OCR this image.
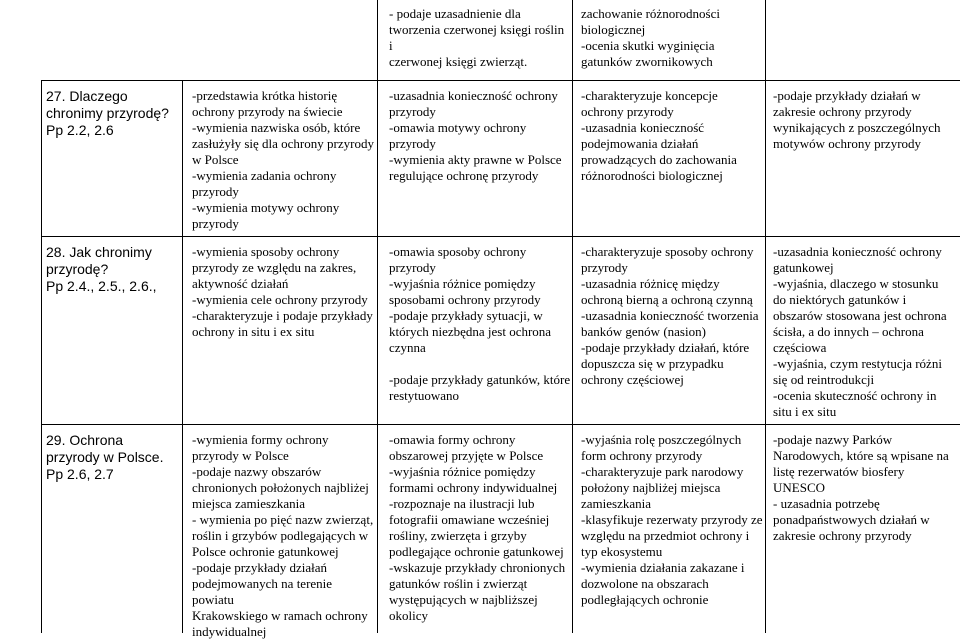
- podaje uzasadnienie dla
tworzenia czerwonej księgi roślin i
czerwonej księgi zwierząt.
zachowanie różnorodności
biologicznej
-ocenia skutki wyginięcia
gatunków zwornikowych
27. Dlaczego
chronimy przyrodę?
Pp 2.2, 2.6
-przedstawia krótka historię
ochrony przyrody na świecie
-wymienia nazwiska osób, które
zasłużyły się dla ochrony przyrody
w Polsce
-wymienia zadania ochrony
przyrody
-wymienia motywy ochrony
przyrody
-uzasadnia konieczność ochrony
przyrody
-omawia motywy ochrony
przyrody
-wymienia akty prawne w Polsce
regulujące ochronę przyrody
-charakteryzuje koncepcje
ochrony przyrody
-uzasadnia konieczność
podejmowania działań
prowadzących do zachowania
różnorodności biologicznej
-podaje przykłady działań w
zakresie ochrony przyrody
wynikających z poszczególnych
motywów ochrony przyrody
28. Jak chronimy
przyrodę?
Pp 2.4., 2.5., 2.6.,
-wymienia sposoby ochrony
przyrody ze względu na zakres,
aktywność działań
-wymienia cele ochrony przyrody
-charakteryzuje i podaje przykłady
ochrony in situ i ex situ
-omawia sposoby ochrony
przyrody
-wyjaśnia różnice pomiędzy
sposobami ochrony przyrody
-podaje przykłady sytuacji, w
których niezbędna jest ochrona
czynna

-podaje przykłady gatunków, które
restytuowano
-charakteryzuje sposoby ochrony
przyrody
-uzasadnia różnicę między
ochroną bierną a ochroną czynną
-uzasadnia konieczność tworzenia
banków genów (nasion)
-podaje przykłady działań, które
dopuszcza się w przypadku
ochrony częściowej
-uzasadnia konieczność ochrony
gatunkowej
-wyjaśnia, dlaczego w stosunku
do niektórych gatunków i
obszarów stosowana jest ochrona
ścisła, a do innych – ochrona
częściowa
-wyjaśnia, czym restytucja różni
się od reintrodukcji
-ocenia skuteczność ochrony in
situ i ex situ
29. Ochrona
przyrody w Polsce.
Pp 2.6, 2.7
-wymienia formy ochrony
przyrody w Polsce
-podaje nazwy obszarów
chronionych położonych najbliżej
miejsca zamieszkania
- wymienia po pięć nazw zwierząt,
roślin i grzybów podlegających w
Polsce ochronie gatunkowej
-podaje przykłady działań
podejmowanych na terenie powiatu
Krakowskiego w ramach ochrony
indywidualnej
-omawia formy ochrony
obszarowej przyjęte w Polsce
-wyjaśnia różnice pomiędzy
formami ochrony indywidualnej
-rozpoznaje na ilustracji lub
fotografii omawiane wcześniej
rośliny, zwierzęta i grzyby
podlegające ochronie gatunkowej
-wskazuje przykłady chronionych
gatunków roślin i zwierząt
występujących w najbliższej
okolicy
-wyjaśnia rolę poszczególnych
form ochrony przyrody
-charakteryzuje park narodowy
położony najbliżej miejsca
zamieszkania
-klasyfikuje rezerwaty przyrody ze
względu na przedmiot ochrony i
typ ekosystemu
-wymienia działania zakazane i
dozwolone na obszarach
podległających ochronie
-podaje nazwy Parków
Narodowych, które są wpisane na
listę rezerwatów biosfery
UNESCO
- uzasadnia potrzebę
ponadpaństwowych działań w
zakresie ochrony przyrody
